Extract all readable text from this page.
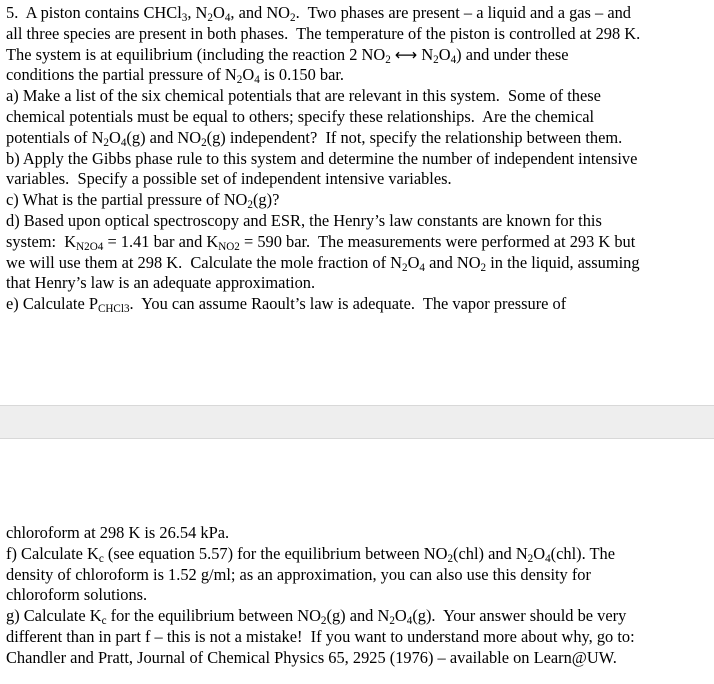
5.  A piston contains CHCl$_3$, $N_2O_4$, and $NO_2$.  Two phases are present – a liquid and a gas – and
all three species are present in both phases.  The temperature of the piston is controlled at 298 K.
The system is at equilibrium (including the reaction 2 $NO_2$ ⟷ $N_2O_4$) and under these
conditions the partial pressure of $N_2O_4$ is 0.150 bar.
a) Make a list of the six chemical potentials that are relevant in this system.  Some of these
chemical potentials must be equal to others; specify these relationships.  Are the chemical
potentials of $N_2O_4(g)$ and $NO_2(g)$ independent?  If not, specify the relationship between them.
b) Apply the Gibbs phase rule to this system and determine the number of independent intensive
variables.  Specify a possible set of independent intensive variables.
c) What is the partial pressure of $NO_2(g)$?
d) Based upon optical spectroscopy and ESR, the Henry’s law constants are known for this
system:  $K_{N2O4} = 1.41$ bar and $K_{NO2} = 590$ bar.  The measurements were performed at 293 K but
we will use them at 298 K.  Calculate the mole fraction of $N_2O_4$ and $NO_2$ in the liquid, assuming
that Henry’s law is an adequate approximation.
e) Calculate $P_{CHCl3}$.  You can assume Raoult’s law is adequate.  The vapor pressure of
chloroform at 298 K is 26.54 kPa.
f) Calculate $K_c$ (see equation 5.57) for the equilibrium between $NO_2(chl)$ and $N_2O_4(chl)$. The
density of chloroform is 1.52 g/ml; as an approximation, you can also use this density for
chloroform solutions.
g) Calculate $K_c$ for the equilibrium between $NO_2(g)$ and $N_2O_4(g)$.  Your answer should be very
different than in part f – this is not a mistake!  If you want to understand more about why, go to:
Chandler and Pratt, Journal of Chemical Physics 65, 2925 (1976) – available on Learn@UW.
